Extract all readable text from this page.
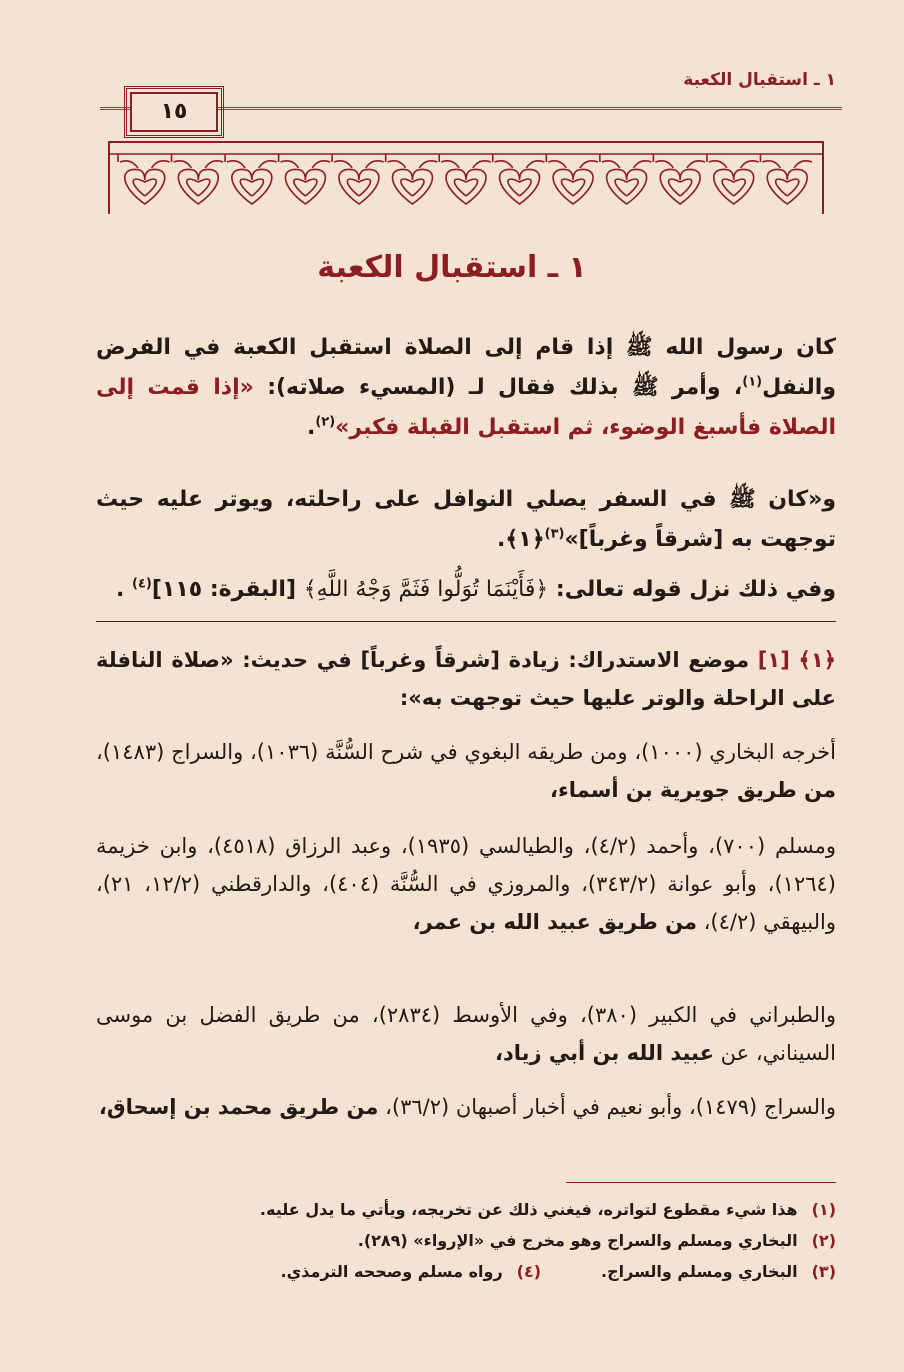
١ ـ استقبال الكعبة
١٥
١ ـ استقبال الكعبة
كان رسول الله ﷺ إذا قام إلى الصلاة استقبل الكعبة في الفرض والنفل$^{(١)}$، وأمر ﷺ بذلك فقال لـ (المسيء صلاته): «إذا قمت إلى الصلاة فأسبغ الوضوء، ثم استقبل القبلة فكبر»$^{(٢)}$.
و«كان ﷺ في السفر يصلي النوافل على راحلته، ويوتر عليه حيث توجهت به [شرقاً وغرباً]»$^{(٣)}$﴿١﴾.
وفي ذلك نزل قوله تعالى: ﴿فَأَيْنَمَا تُوَلُّوا فَثَمَّ وَجْهُ اللَّهِ﴾ [البقرة: ١١٥]$^{(٤)}$ .
﴿١﴾ [١] موضع الاستدراك: زيادة [شرقاً وغرباً] في حديث: «صلاة النافلة على الراحلة والوتر عليها حيث توجهت به»:
أخرجه البخاري (١٠٠٠)، ومن طريقه البغوي في شرح السُّنَّة (١٠٣٦)، والسراج (١٤٨٣)، من طريق جويرية بن أسماء،
ومسلم (٧٠٠)، وأحمد (٤/٢)، والطيالسي (١٩٣٥)، وعبد الرزاق (٤٥١٨)، وابن خزيمة (١٢٦٤)، وأبو عوانة (٣٤٣/٢)، والمروزي في السُّنَّة (٤٠٤)، والدارقطني (١٢/٢، ٢١)، والبيهقي (٤/٢)، من طريق عبيد الله بن عمر،
والطبراني في الكبير (٣٨٠)، وفي الأوسط (٢٨٣٤)، من طريق الفضل بن موسى السيناني، عن عبيد الله بن أبي زياد،
والسراج (١٤٧٩)، وأبو نعيم في أخبار أصبهان (٣٦/٢)، من طريق محمد بن إسحاق،
(١)
هذا شيء مقطوع لتواتره، فيغني ذلك عن تخريجه، ويأتي ما يدل عليه.
(٢)
البخاري ومسلم والسراج وهو مخرج في «الإرواء» (٢٨٩).
(٣)
البخاري ومسلم والسراج.
(٤)
رواه مسلم وصححه الترمذي.
